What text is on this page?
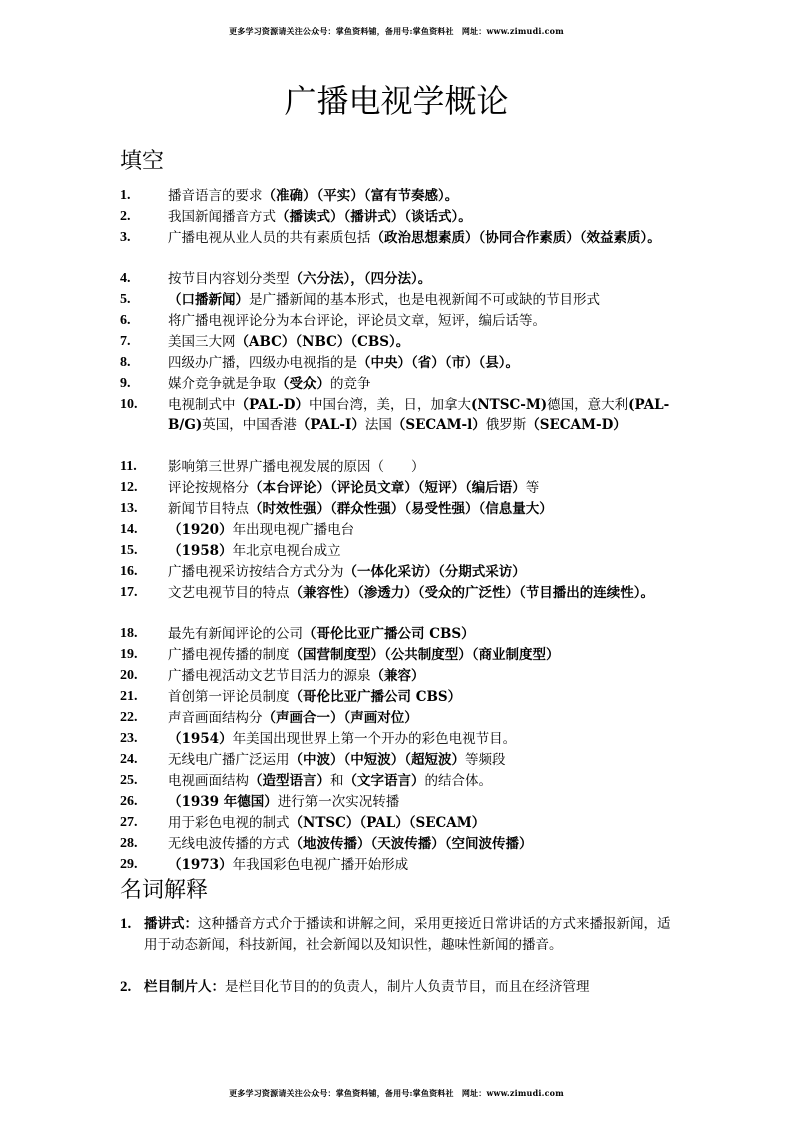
更多学习资源请关注公众号：掌鱼资料铺，备用号:掌鱼资料社　网址：www.zimudi.com
广播电视学概论
填空
1.	播音语言的要求（准确）（平实）（富有节奏感）。
2.	我国新闻播音方式（播读式）（播讲式）（谈话式）。
3.	广播电视从业人员的共有素质包括（政治思想素质）（协同合作素质）（效益素质）。
4.	按节目内容划分类型（六分法），（四分法）。
5.	（口播新闻）是广播新闻的基本形式，也是电视新闻不可或缺的节目形式
6.	将广播电视评论分为本台评论，评论员文章，短评，编后话等。
7.	美国三大网（ABC）（NBC）（CBS）。
8.	四级办广播，四级办电视指的是（中央）（省）（市）（县）。
9.	媒介竞争就是争取（受众）的竞争
10. 电视制式中（PAL-D）中国台湾，美，日，加拿大(NTSC-M)德国，意大利(PAL-B/G)英国，中国香港（PAL-I）法国（SECAM-l）俄罗斯（SECAM-D）
11. 影响第三世界广播电视发展的原因（　　）
12. 评论按规格分（本台评论）（评论员文章）（短评）（编后语）等
13. 新闻节目特点（时效性强）（群众性强）（易受性强）（信息量大）
14. （1920）年出现电视广播电台
15. （1958）年北京电视台成立
16. 广播电视采访按结合方式分为（一体化采访）（分期式采访）
17. 文艺电视节目的特点（兼容性）（渗透力）（受众的广泛性）（节目播出的连续性）。
18. 最先有新闻评论的公司（哥伦比亚广播公司 CBS）
19. 广播电视传播的制度（国营制度型）（公共制度型）（商业制度型）
20. 广播电视活动文艺节目活力的源泉（兼容）
21. 首创第一评论员制度（哥伦比亚广播公司 CBS）
22. 声音画面结构分（声画合一）（声画对位）
23. （1954）年美国出现世界上第一个开办的彩色电视节目。
24. 无线电广播广泛运用（中波）（中短波）（超短波）等频段
25. 电视画面结构（造型语言）和（文字语言）的结合体。
26. （1939 年德国）进行第一次实况转播
27. 用于彩色电视的制式（NTSC）（PAL）（SECAM）
28. 无线电波传播的方式（地波传播）（天波传播）（空间波传播）
29. （1973）年我国彩色电视广播开始形成
名词解释
1. 播讲式：这种播音方式介于播读和讲解之间，采用更接近日常讲话的方式来播报新闻，适用于动态新闻，科技新闻，社会新闻以及知识性，趣味性新闻的播音。
2. 栏目制片人：是栏目化节目的的负责人，制片人负责节目，而且在经济管理
更多学习资源请关注公众号：掌鱼资料铺，备用号:掌鱼资料社　网址：www.zimudi.com
